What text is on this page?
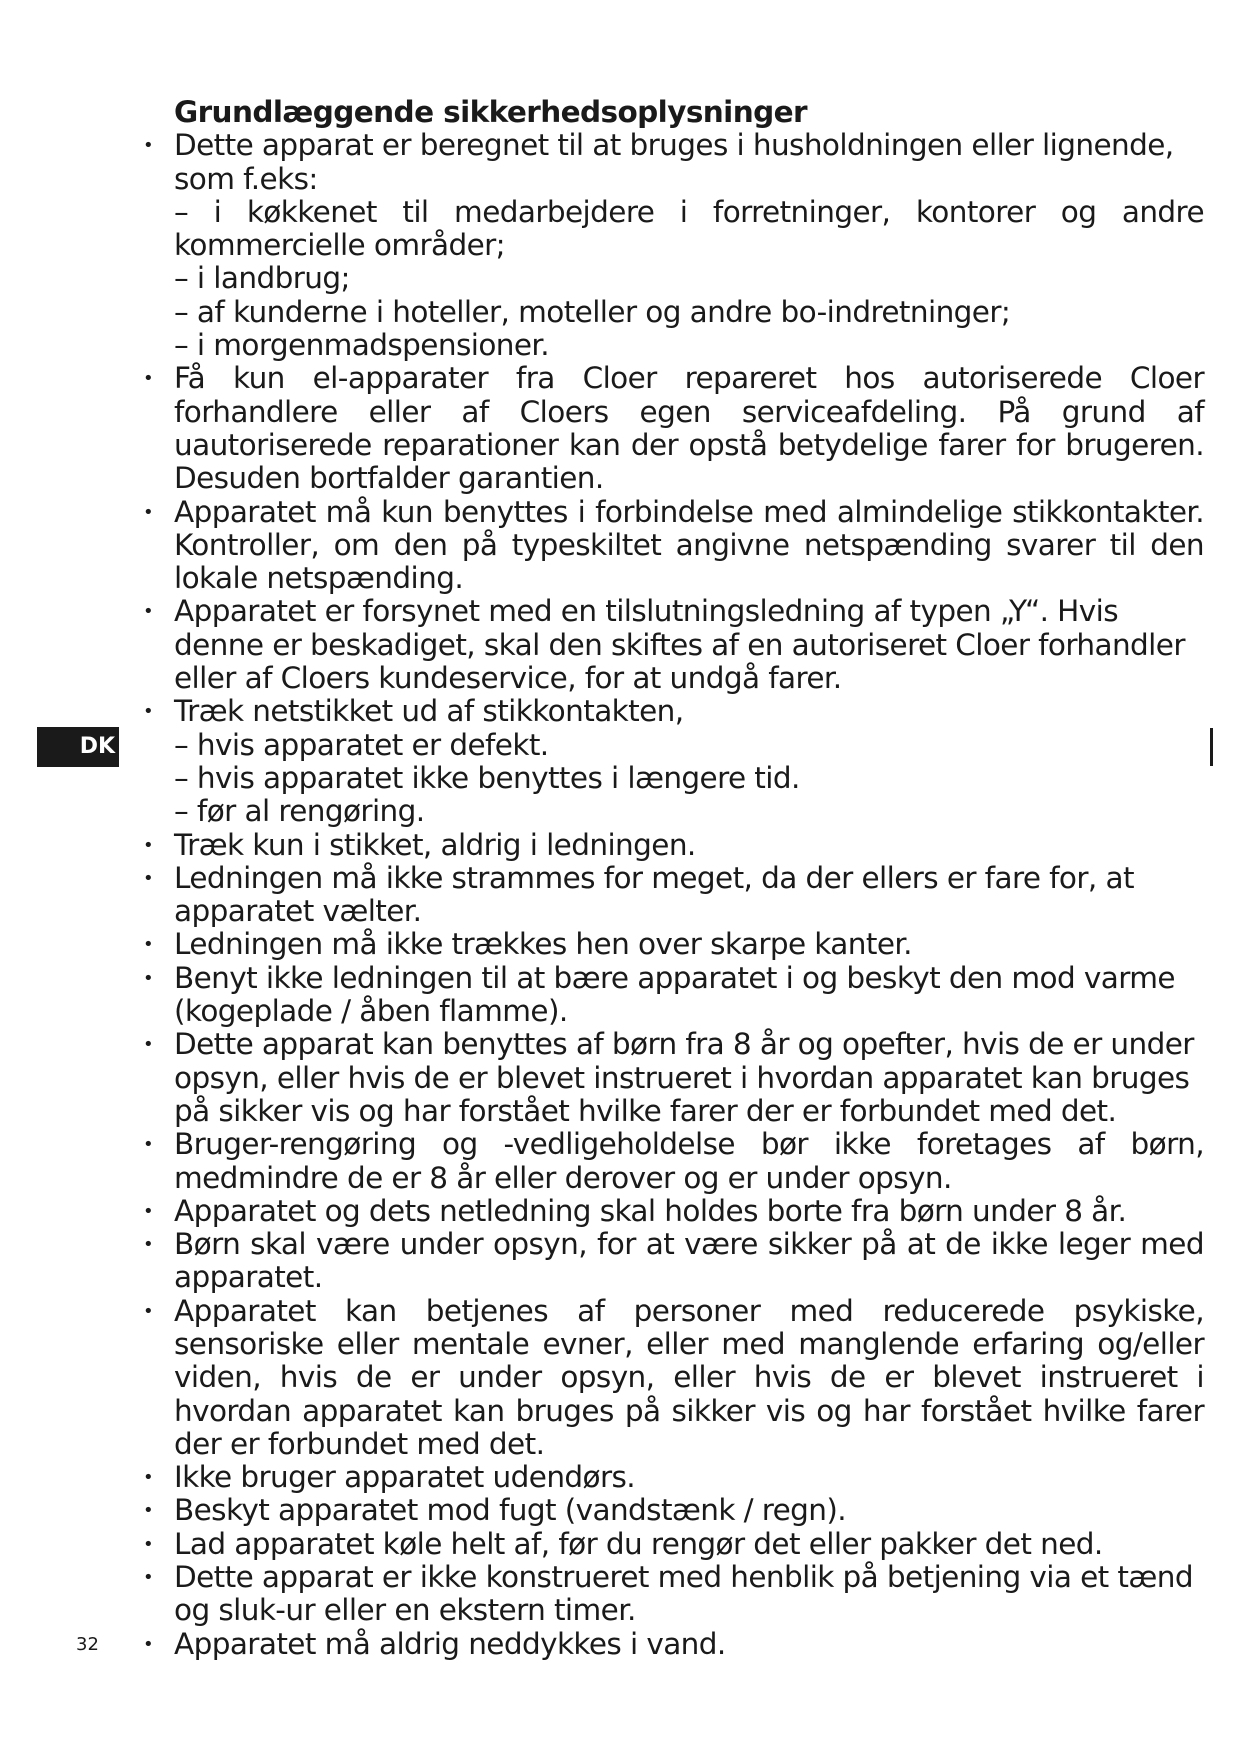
DK
Grundlæggende sikkerhedsoplysninger
• Dette apparat er beregnet til at bruges i husholdningen eller lignende, som f.eks:
– i køkkenet til medarbejdere i forretninger, kontorer og andre kommercielle områder;
– i landbrug;
– af kunderne i hoteller, moteller og andre bo-indretninger;
– i morgenmadspensioner.
• Få kun el-apparater fra Cloer repareret hos autoriserede Cloer forhandlere eller af Cloers egen serviceafdeling. På grund af uautoriserede reparationer kan der opstå betydelige farer for brugeren. Desuden bortfalder garantien.
• Apparatet må kun benyttes i forbindelse med almindelige stikkontakter. Kontroller, om den på typeskiltet angivne netspænding svarer til den lokale netspænding.
• Apparatet er forsynet med en tilslutningsledning af typen „Y“. Hvis denne er beskadiget, skal den skiftes af en autoriseret Cloer forhandler eller af Cloers kundeservice, for at undgå farer.
• Træk netstikket ud af stikkontakten,
– hvis apparatet er defekt.
– hvis apparatet ikke benyttes i længere tid.
– før al rengøring.
• Træk kun i stikket, aldrig i ledningen.
• Ledningen må ikke strammes for meget, da der ellers er fare for, at apparatet vælter.
• Ledningen må ikke trækkes hen over skarpe kanter.
• Benyt ikke ledningen til at bære apparatet i og beskyt den mod varme (kogeplade / åben flamme).
• Dette apparat kan benyttes af børn fra 8 år og opefter, hvis de er under opsyn, eller hvis de er blevet instrueret i hvordan apparatet kan bruges på sikker vis og har forstået hvilke farer der er forbundet med det.
• Bruger-rengøring og -vedligeholdelse bør ikke foretages af børn, medmindre de er 8 år eller derover og er under opsyn.
• Apparatet og dets netledning skal holdes borte fra børn under 8 år.
• Børn skal være under opsyn, for at være sikker på at de ikke leger med apparatet.
• Apparatet kan betjenes af personer med reducerede psykiske, sensoriske eller mentale evner, eller med manglende erfaring og/eller viden, hvis de er under opsyn, eller hvis de er blevet instrueret i hvordan apparatet kan bruges på sikker vis og har forstået hvilke farer der er forbundet med det.
• Ikke bruger apparatet udendørs.
• Beskyt apparatet mod fugt (vandstænk / regn).
• Lad apparatet køle helt af, før du rengør det eller pakker det ned.
• Dette apparat er ikke konstrueret med henblik på betjening via et tænd og sluk-ur eller en ekstern timer.
• Apparatet må aldrig neddykkes i vand.
32
